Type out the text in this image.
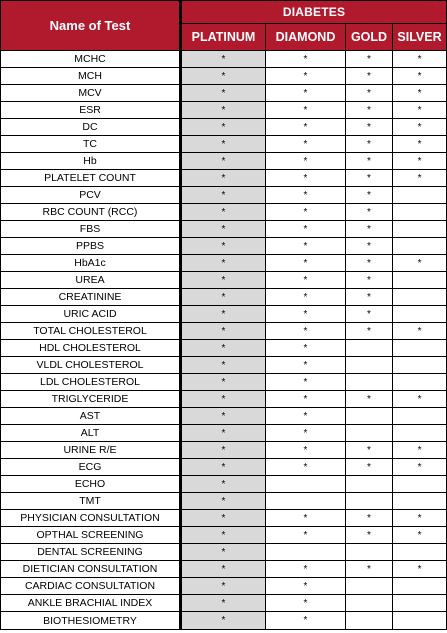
Name of Test	DIABETES			
	PLATINUM	DIAMOND	GOLD	SILVER
MCHC	*	*	*	*
MCH	*	*	*	*
MCV	*	*	*	*
ESR	*	*	*	*
DC	*	*	*	*
TC	*	*	*	*
Hb	*	*	*	*
PLATELET COUNT	*	*	*	*
PCV	*	*	*	
RBC COUNT (RCC)	*	*	*	
FBS	*	*	*	
PPBS	*	*	*	
HbA1c	*	*	*	*
UREA	*	*	*	
CREATININE	*	*	*	
URIC ACID	*	*	*	
TOTAL CHOLESTEROL	*	*	*	*
HDL CHOLESTEROL	*	*		
VLDL CHOLESTEROL	*	*		
LDL CHOLESTEROL	*	*		
TRIGLYCERIDE	*	*	*	*
AST	*	*		
ALT	*	*		
URINE R/E	*	*	*	*
ECG	*	*	*	*
ECHO	*			
TMT	*			
PHYSICIAN CONSULTATION	*	*	*	*
OPTHAL SCREENING	*	*	*	*
DENTAL SCREENING	*			
DIETICIAN CONSULTATION	*	*	*	*
CARDIAC CONSULTATION	*	*		
ANKLE BRACHIAL INDEX	*	*		
BIOTHESIOMETRY	*	*		
